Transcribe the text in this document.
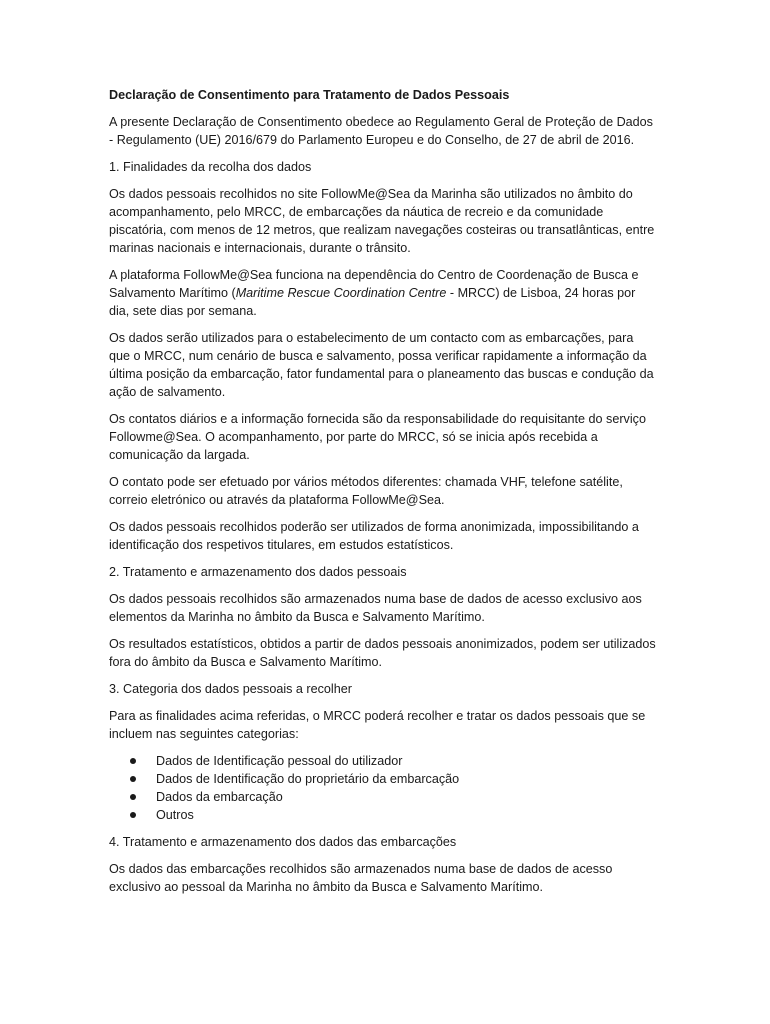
Declaração de Consentimento para Tratamento de Dados Pessoais

A presente Declaração de Consentimento obedece ao Regulamento Geral de Proteção de Dados - Regulamento (UE) 2016/679 do Parlamento Europeu e do Conselho, de 27 de abril de 2016.

1. Finalidades da recolha dos dados

Os dados pessoais recolhidos no site FollowMe@Sea da Marinha são utilizados no âmbito do acompanhamento, pelo MRCC, de embarcações da náutica de recreio e da comunidade piscatória, com menos de 12 metros, que realizam navegações costeiras ou transatlânticas, entre marinas nacionais e internacionais, durante o trânsito.

A plataforma FollowMe@Sea funciona na dependência do Centro de Coordenação de Busca e Salvamento Marítimo (Maritime Rescue Coordination Centre - MRCC) de Lisboa, 24 horas por dia, sete dias por semana.

Os dados serão utilizados para o estabelecimento de um contacto com as embarcações, para que o MRCC, num cenário de busca e salvamento, possa verificar rapidamente a informação da última posição da embarcação, fator fundamental para o planeamento das buscas e condução da ação de salvamento.

Os contatos diários e a informação fornecida são da responsabilidade do requisitante do serviço Followme@Sea. O acompanhamento, por parte do MRCC, só se inicia após recebida a comunicação da largada.

O contato pode ser efetuado por vários métodos diferentes: chamada VHF, telefone satélite, correio eletrónico ou através da plataforma FollowMe@Sea.

Os dados pessoais recolhidos poderão ser utilizados de forma anonimizada, impossibilitando a identificação dos respetivos titulares, em estudos estatísticos.

2. Tratamento e armazenamento dos dados pessoais

Os dados pessoais recolhidos são armazenados numa base de dados de acesso exclusivo aos elementos da Marinha no âmbito da Busca e Salvamento Marítimo.

Os resultados estatísticos, obtidos a partir de dados pessoais anonimizados, podem ser utilizados fora do âmbito da Busca e Salvamento Marítimo.

3. Categoria dos dados pessoais a recolher

Para as finalidades acima referidas, o MRCC poderá recolher e tratar os dados pessoais que se incluem nas seguintes categorias:

Dados de Identificação pessoal do utilizador
Dados de Identificação do proprietário da embarcação
Dados da embarcação
Outros

4. Tratamento e armazenamento dos dados das embarcações

Os dados das embarcações recolhidos são armazenados numa base de dados de acesso exclusivo ao pessoal da Marinha no âmbito da Busca e Salvamento Marítimo.
